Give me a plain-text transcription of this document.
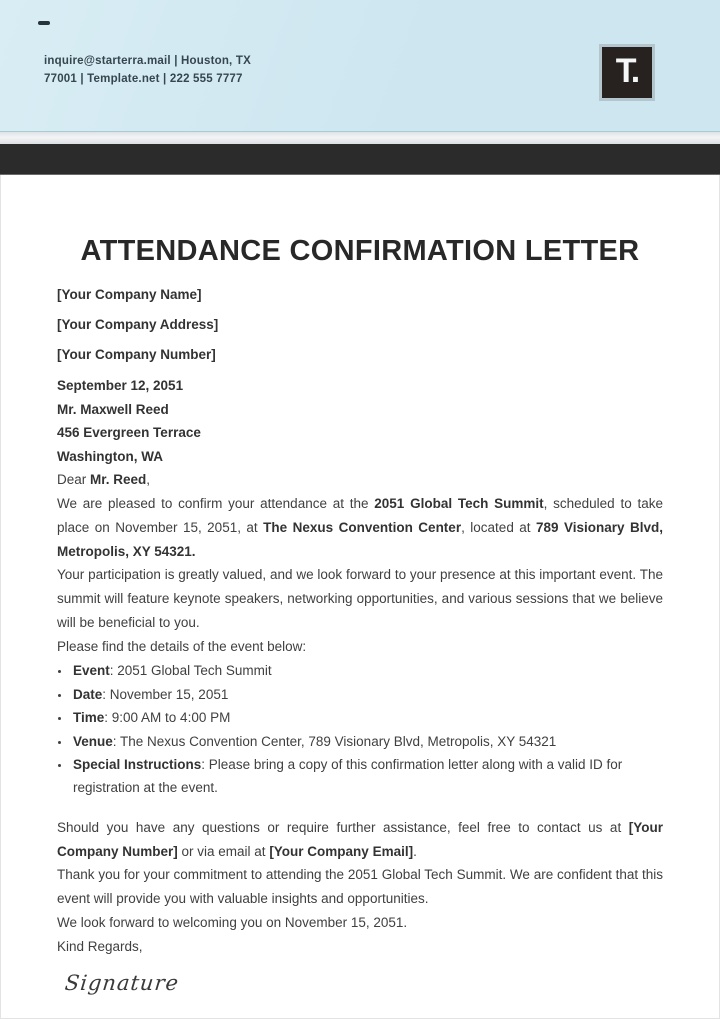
inquire@starterra.mail | Houston, TX
77001 | Template.net | 222 555 7777	T.
ATTENDANCE CONFIRMATION LETTER

[Your Company Name]

[Your Company Address]

[Your Company Number]

September 12, 2051
Mr. Maxwell Reed
456 Evergreen Terrace
Washington, WA
Dear Mr. Reed,

We are pleased to confirm your attendance at the 2051 Global Tech Summit, scheduled to take place on November 15, 2051, at The Nexus Convention Center, located at 789 Visionary Blvd, Metropolis, XY 54321.

Your participation is greatly valued, and we look forward to your presence at this important event. The summit will feature keynote speakers, networking opportunities, and various sessions that we believe will be beneficial to you.

Please find the details of the event below:
• Event: 2051 Global Tech Summit
• Date: November 15, 2051
• Time: 9:00 AM to 4:00 PM
• Venue: The Nexus Convention Center, 789 Visionary Blvd, Metropolis, XY 54321
• Special Instructions: Please bring a copy of this confirmation letter along with a valid ID for registration at the event.

Should you have any questions or require further assistance, feel free to contact us at [Your Company Number] or via email at [Your Company Email].

Thank you for your commitment to attending the 2051 Global Tech Summit. We are confident that this event will provide you with valuable insights and opportunities.

We look forward to welcoming you on November 15, 2051.
Kind Regards,
Signature
